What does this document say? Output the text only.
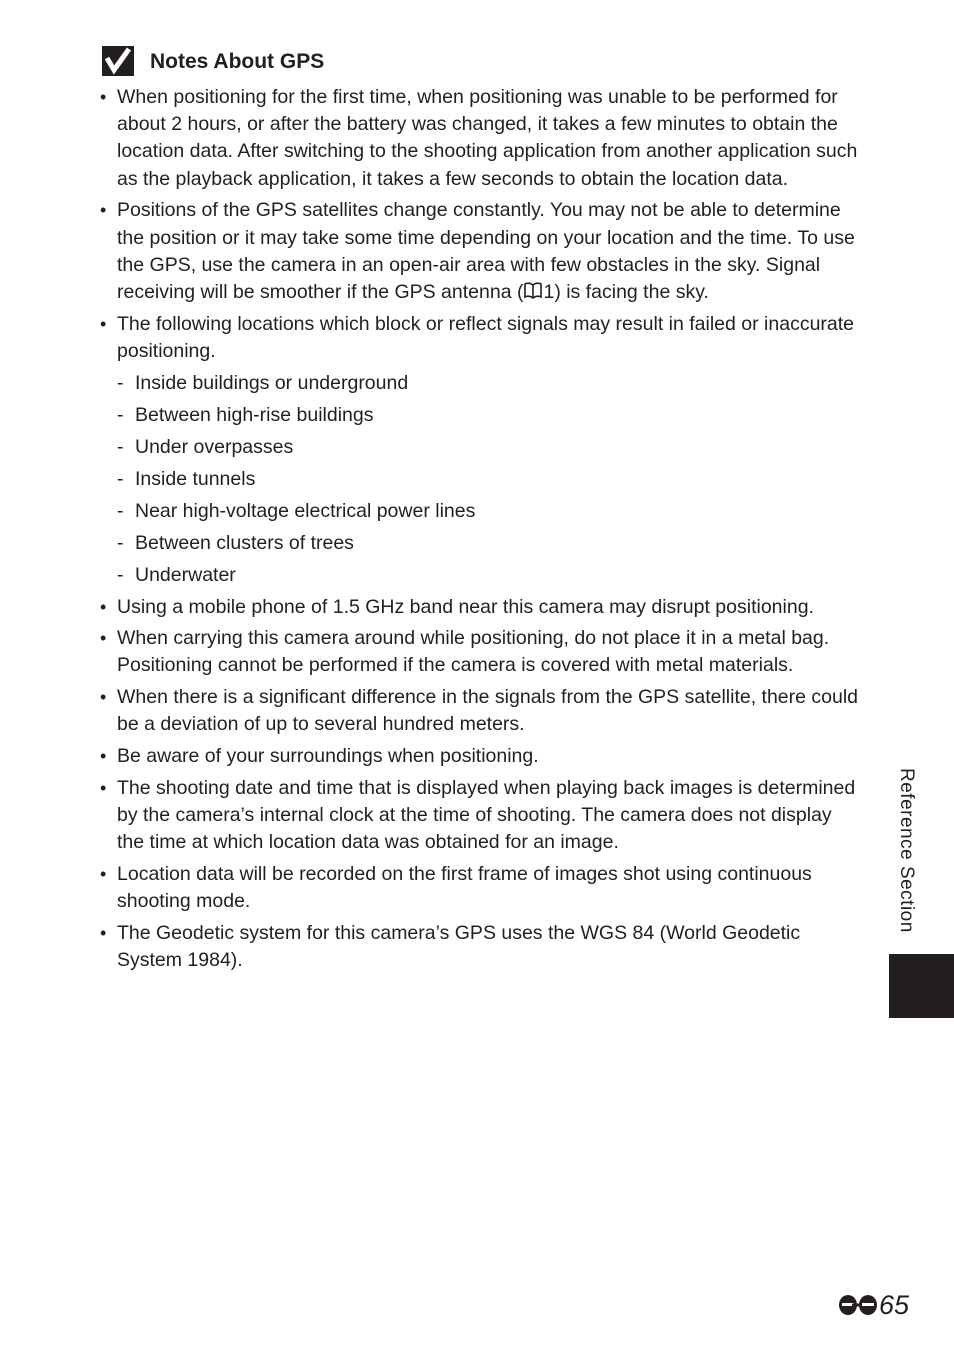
Notes About GPS
• When positioning for the first time, when positioning was unable to be performed for about 2 hours, or after the battery was changed, it takes a few minutes to obtain the location data. After switching to the shooting application from another application such as the playback application, it takes a few seconds to obtain the location data.
• Positions of the GPS satellites change constantly. You may not be able to determine the position or it may take some time depending on your location and the time. To use the GPS, use the camera in an open-air area with few obstacles in the sky. Signal receiving will be smoother if the GPS antenna ( 1) is facing the sky.
• The following locations which block or reflect signals may result in failed or inaccurate positioning.
- Inside buildings or underground
- Between high-rise buildings
- Under overpasses
- Inside tunnels
- Near high-voltage electrical power lines
- Between clusters of trees
- Underwater
• Using a mobile phone of 1.5 GHz band near this camera may disrupt positioning.
• When carrying this camera around while positioning, do not place it in a metal bag. Positioning cannot be performed if the camera is covered with metal materials.
• When there is a significant difference in the signals from the GPS satellite, there could be a deviation of up to several hundred meters.
• Be aware of your surroundings when positioning.
• The shooting date and time that is displayed when playing back images is determined by the camera’s internal clock at the time of shooting. The camera does not display the time at which location data was obtained for an image.
• Location data will be recorded on the first frame of images shot using continuous shooting mode.
• The Geodetic system for this camera’s GPS uses the WGS 84 (World Geodetic System 1984).
Reference Section
65
